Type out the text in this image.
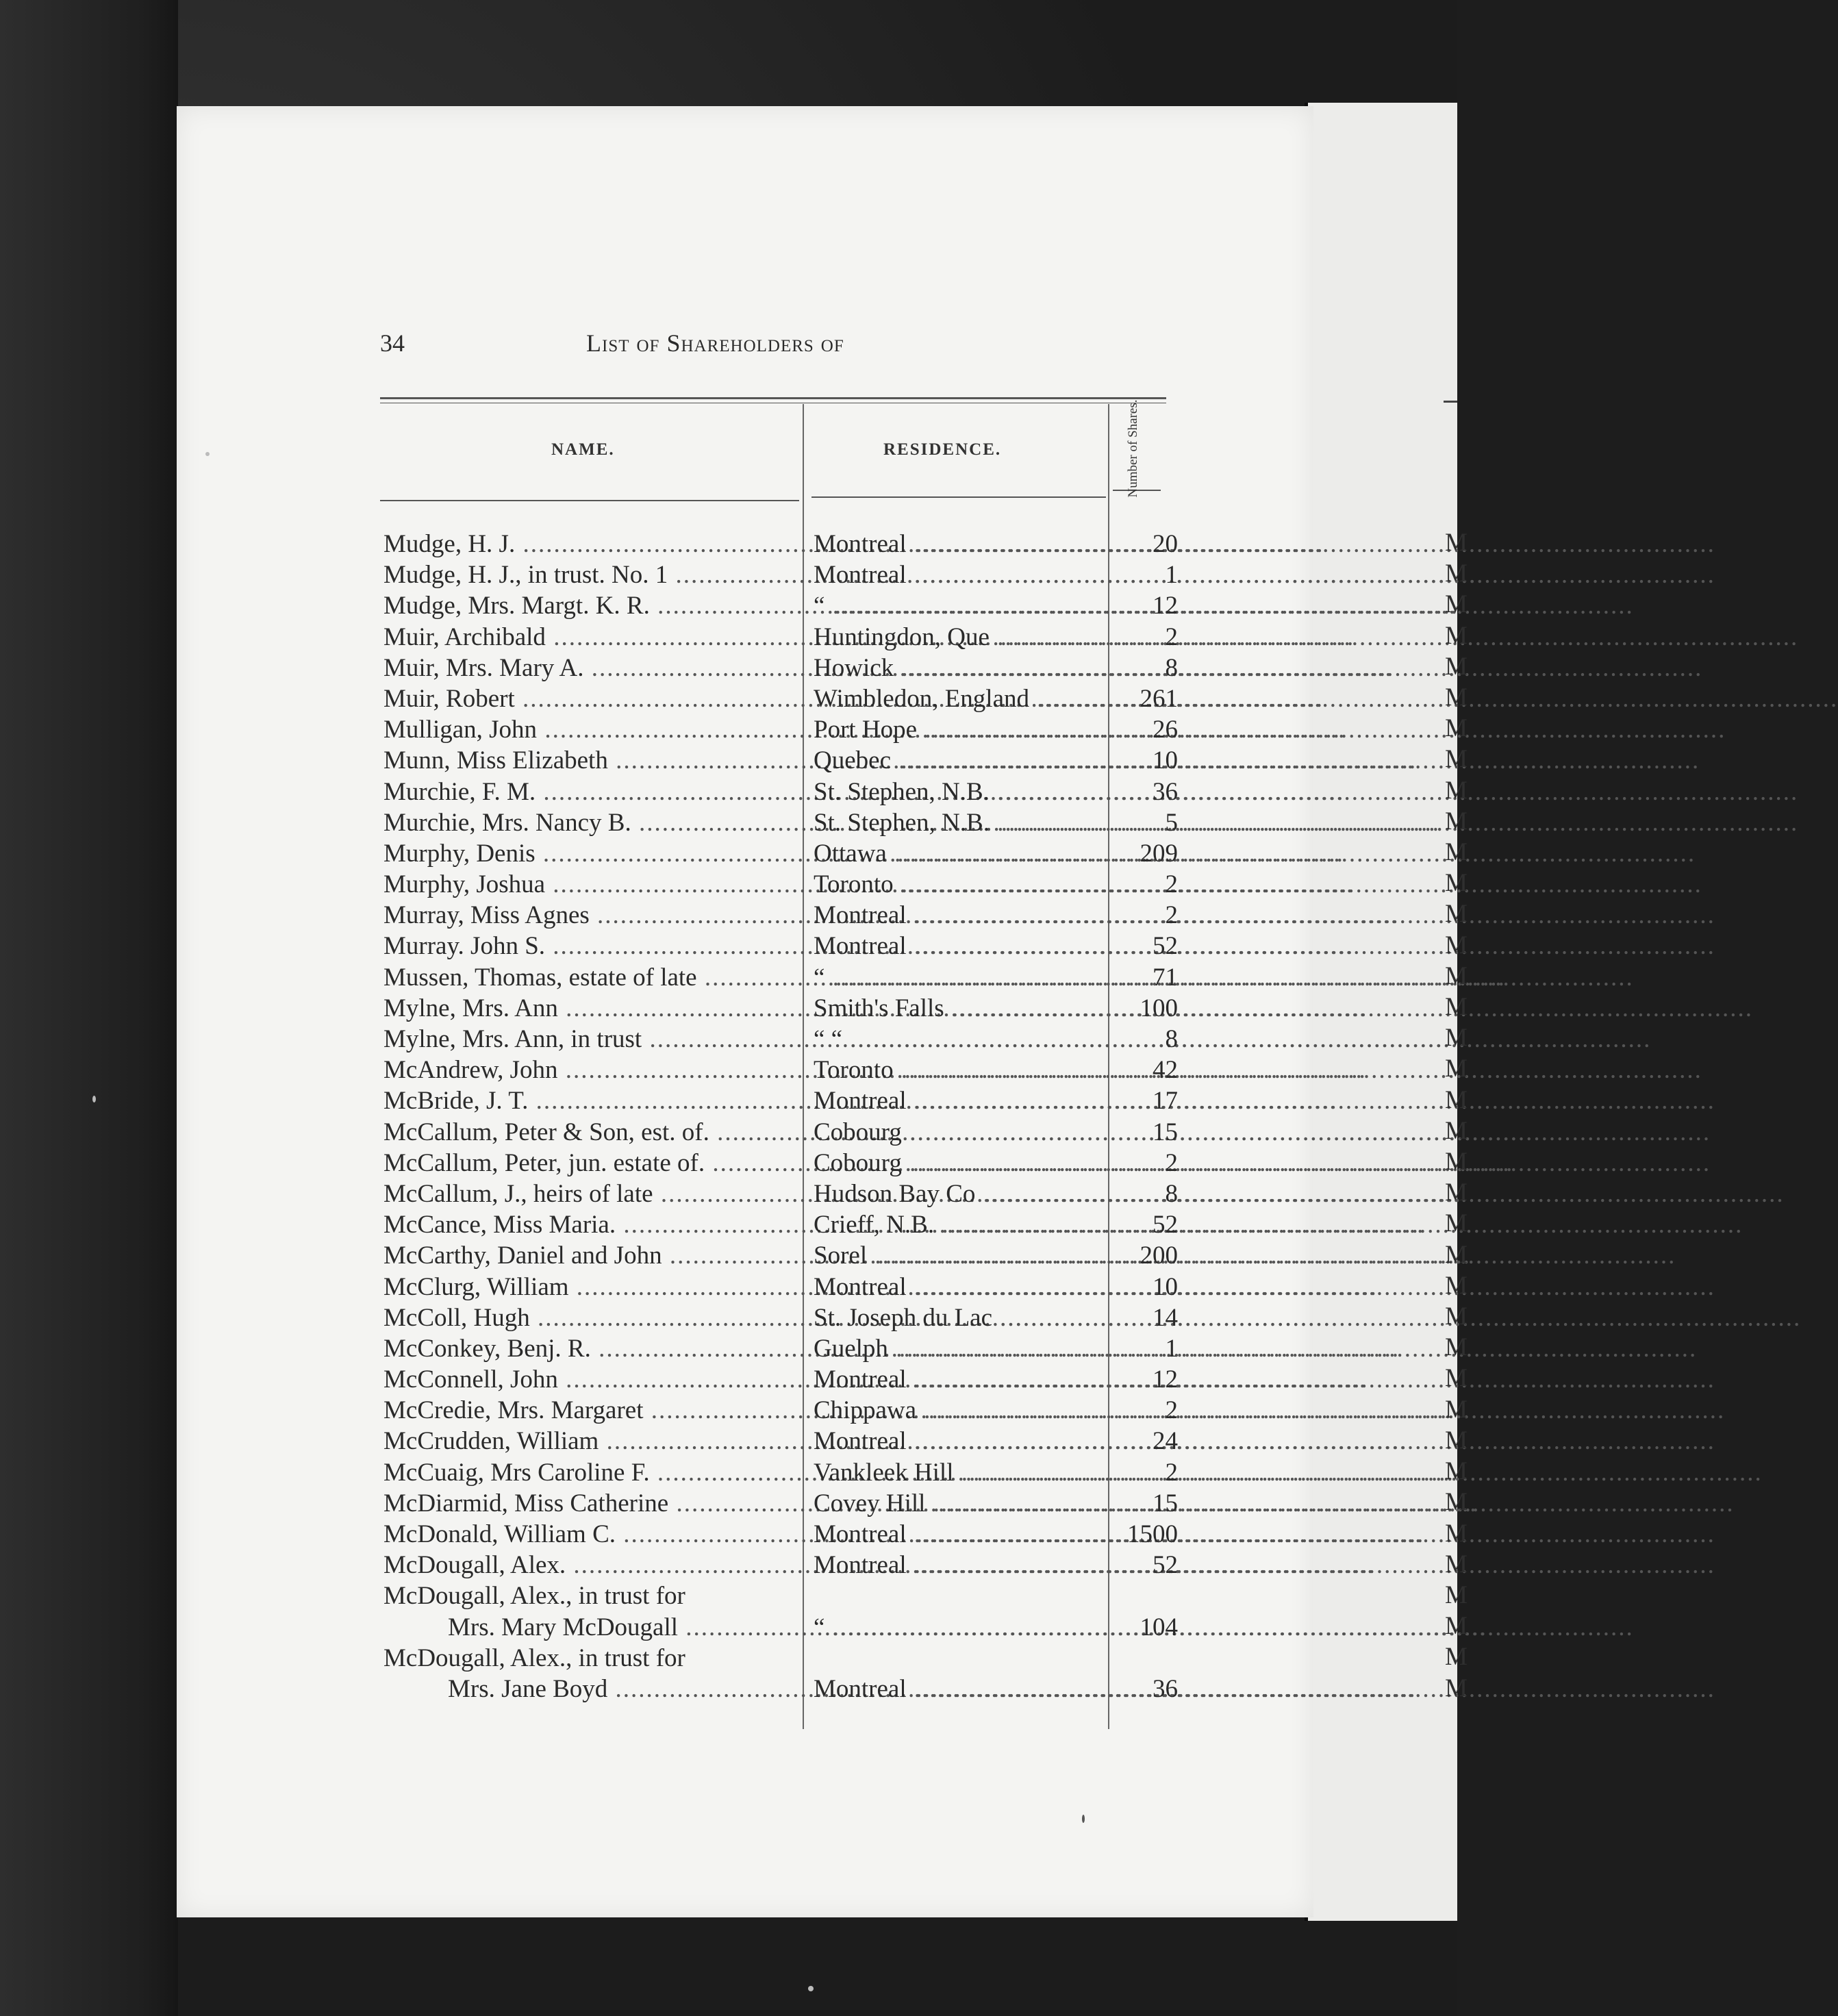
34	List of Shareholders of
NAME.	RESIDENCE.	Number of Shares.
Mudge, H. J. .....	Montreal .....	20
Mudge, H. J., in trust. No. 1 .....	Montreal .....	1
Mudge, Mrs. Margt. K. R. .....	“ .....	12
Muir, Archibald .....	Huntingdon, Que .....	2
Muir, Mrs. Mary A. .....	Howick .....	8
Muir, Robert .....	Wimbledon, England .....	261
Mulligan, John .....	Port Hope .....	26
Munn, Miss Elizabeth .....	Quebec .....	10
Murchie, F. M. .....	St. Stephen, N.B. .....	36
Murchie, Mrs. Nancy B. .....	St. Stephen, N.B. .....	5
Murphy, Denis .....	Ottawa .....	209
Murphy, Joshua .....	Toronto .....	2
Murray, Miss Agnes .....	Montreal .....	2
Murray. John S. .....	Montreal .....	52
Mussen, Thomas, estate of late .....	“ .....	71
Mylne, Mrs. Ann .....	Smith's Falls .....	100
Mylne, Mrs. Ann, in trust .....	“ “ .....	8
McAndrew, John .....	Toronto .....	42
McBride, J. T. .....	Montreal .....	17
McCallum, Peter & Son, est. of. .....	Cobourg .....	15
McCallum, Peter, jun. estate of. .....	Cobourg .....	2
McCallum, J., heirs of late .....	Hudson Bay Co .....	8
McCance, Miss Maria. .....	Crieff, N.B. .....	52
McCarthy, Daniel and John .....	Sorel .....	200
McClurg, William .....	Montreal .....	10
McColl, Hugh .....	St. Joseph du Lac .....	14
McConkey, Benj. R. .....	Guelph .....	1
McConnell, John .....	Montreal .....	12
McCredie, Mrs. Margaret .....	Chippawa .....	2
McCrudden, William .....	Montreal .....	24
McCuaig, Mrs Caroline F. .....	Vankleek Hill .....	2
McDiarmid, Miss Catherine .....	Covey Hill .....	15
McDonald, William C. .....	Montreal .....	1500
McDougall, Alex. .....	Montreal .....	52
McDougall, Alex., in trust for
Mrs. Mary McDougall .....	“ .....	104
McDougall, Alex., in trust for
Mrs. Jane Boyd .....	Montreal .....	36
M
M
M
M
M
M
M
M
M
M
M
M
M
M
M
M
M
M
M
M
M
M
M
M
M
M
M
M
M
M
M
M
M
M
M
M
M
M
